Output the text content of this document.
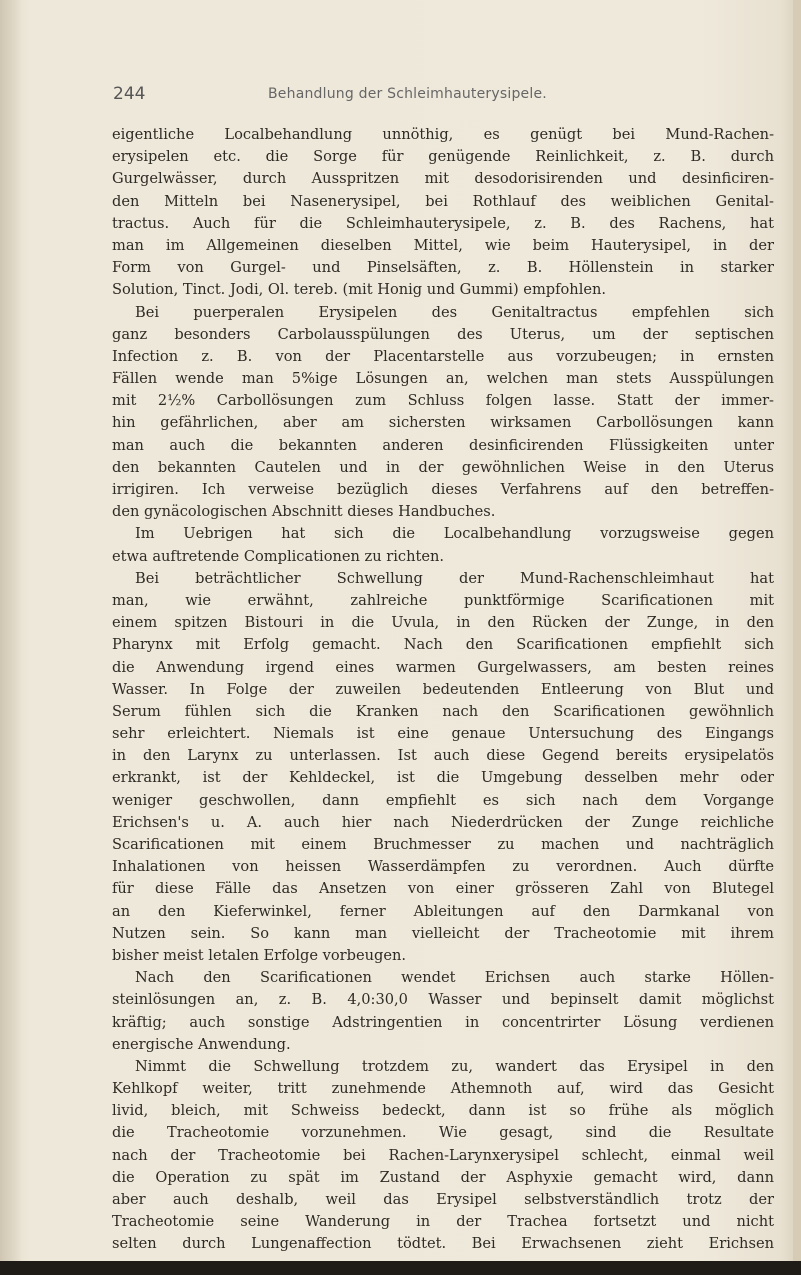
244	Behandlung der Schleimhauterysipele.
eigentliche Localbehandlung unnöthig, es genügt bei Mund-Rachen-
erysipelen etc. die Sorge für genügende Reinlichkeit, z. B. durch
Gurgelwässer, durch Ausspritzen mit desodorisirenden und desinficiren-
den Mitteln bei Nasenerysipel, bei Rothlauf des weiblichen Genital-
tractus. Auch für die Schleimhauterysipele, z. B. des Rachens, hat
man im Allgemeinen dieselben Mittel, wie beim Hauterysipel, in der
Form von Gurgel- und Pinselsäften, z. B. Höllenstein in starker
Solution, Tinct. Jodi, Ol. tereb. (mit Honig und Gummi) empfohlen.
Bei puerperalen Erysipelen des Genitaltractus empfehlen sich
ganz besonders Carbolausspülungen des Uterus, um der septischen
Infection z. B. von der Placentarstelle aus vorzubeugen; in ernsten
Fällen wende man 5%ige Lösungen an, welchen man stets Ausspülungen
mit 2½% Carbollösungen zum Schluss folgen lasse. Statt der immer-
hin gefährlichen, aber am sichersten wirksamen Carbollösungen kann
man auch die bekannten anderen desinficirenden Flüssigkeiten unter
den bekannten Cautelen und in der gewöhnlichen Weise in den Uterus
irrigiren. Ich verweise bezüglich dieses Verfahrens auf den betreffen-
den gynäcologischen Abschnitt dieses Handbuches.
Im Uebrigen hat sich die Localbehandlung vorzugsweise gegen
etwa auftretende Complicationen zu richten.
Bei beträchtlicher Schwellung der Mund-Rachenschleimhaut hat
man, wie erwähnt, zahlreiche punktförmige Scarificationen mit
einem spitzen Bistouri in die Uvula, in den Rücken der Zunge, in den
Pharynx mit Erfolg gemacht. Nach den Scarificationen empfiehlt sich
die Anwendung irgend eines warmen Gurgelwassers, am besten reines
Wasser. In Folge der zuweilen bedeutenden Entleerung von Blut und
Serum fühlen sich die Kranken nach den Scarificationen gewöhnlich
sehr erleichtert. Niemals ist eine genaue Untersuchung des Eingangs
in den Larynx zu unterlassen. Ist auch diese Gegend bereits erysipelatös
erkrankt, ist der Kehldeckel, ist die Umgebung desselben mehr oder
weniger geschwollen, dann empfiehlt es sich nach dem Vorgange
Erichsen's u. A. auch hier nach Niederdrücken der Zunge reichliche
Scarificationen mit einem Bruchmesser zu machen und nachträglich
Inhalationen von heissen Wasserdämpfen zu verordnen. Auch dürfte
für diese Fälle das Ansetzen von einer grösseren Zahl von Blutegel
an den Kieferwinkel, ferner Ableitungen auf den Darmkanal von
Nutzen sein. So kann man vielleicht der Tracheotomie mit ihrem
bisher meist letalen Erfolge vorbeugen.
Nach den Scarificationen wendet Erichsen auch starke Höllen-
steinlösungen an, z. B. 4,0:30,0 Wasser und bepinselt damit möglichst
kräftig; auch sonstige Adstringentien in concentrirter Lösung verdienen
energische Anwendung.
Nimmt die Schwellung trotzdem zu, wandert das Erysipel in den
Kehlkopf weiter, tritt zunehmende Athemnoth auf, wird das Gesicht
livid, bleich, mit Schweiss bedeckt, dann ist so frühe als möglich
die Tracheotomie vorzunehmen. Wie gesagt, sind die Resultate
nach der Tracheotomie bei Rachen-Larynxerysipel schlecht, einmal weil
die Operation zu spät im Zustand der Asphyxie gemacht wird, dann
aber auch deshalb, weil das Erysipel selbstverständlich trotz der
Tracheotomie seine Wanderung in der Trachea fortsetzt und nicht
selten durch Lungenaffection tödtet. Bei Erwachsenen zieht Erichsen
